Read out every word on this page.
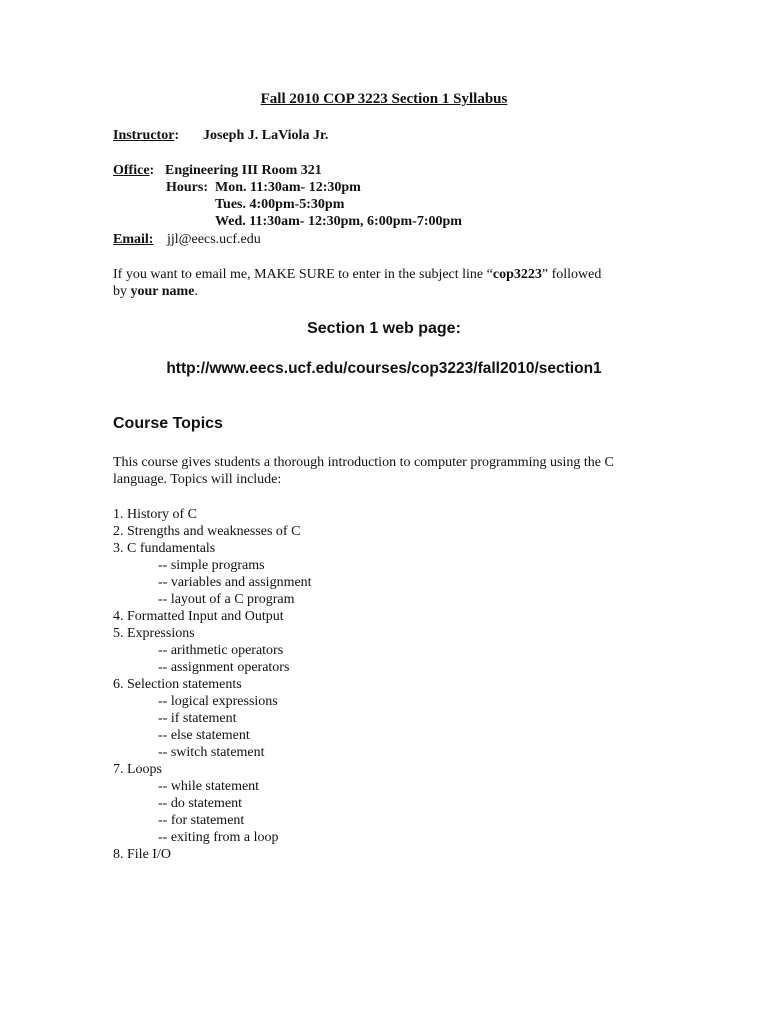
Fall 2010 COP 3223 Section 1 Syllabus
Instructor: Joseph J. LaViola Jr.
Office: Engineering III Room 321
Hours: Mon. 11:30am- 12:30pm
Tues. 4:00pm-5:30pm
Wed. 11:30am- 12:30pm, 6:00pm-7:00pm
Email: jjl@eecs.ucf.edu
If you want to email me, MAKE SURE to enter in the subject line “cop3223” followed
by your name.
Section 1 web page:
http://www.eecs.ucf.edu/courses/cop3223/fall2010/section1
Course Topics
This course gives students a thorough introduction to computer programming using the C
language. Topics will include:
1. History of C
2. Strengths and weaknesses of C
3. C fundamentals
-- simple programs
-- variables and assignment
-- layout of a C program
4. Formatted Input and Output
5. Expressions
-- arithmetic operators
-- assignment operators
6. Selection statements
-- logical expressions
-- if statement
-- else statement
-- switch statement
7. Loops
-- while statement
-- do statement
-- for statement
-- exiting from a loop
8. File I/O
